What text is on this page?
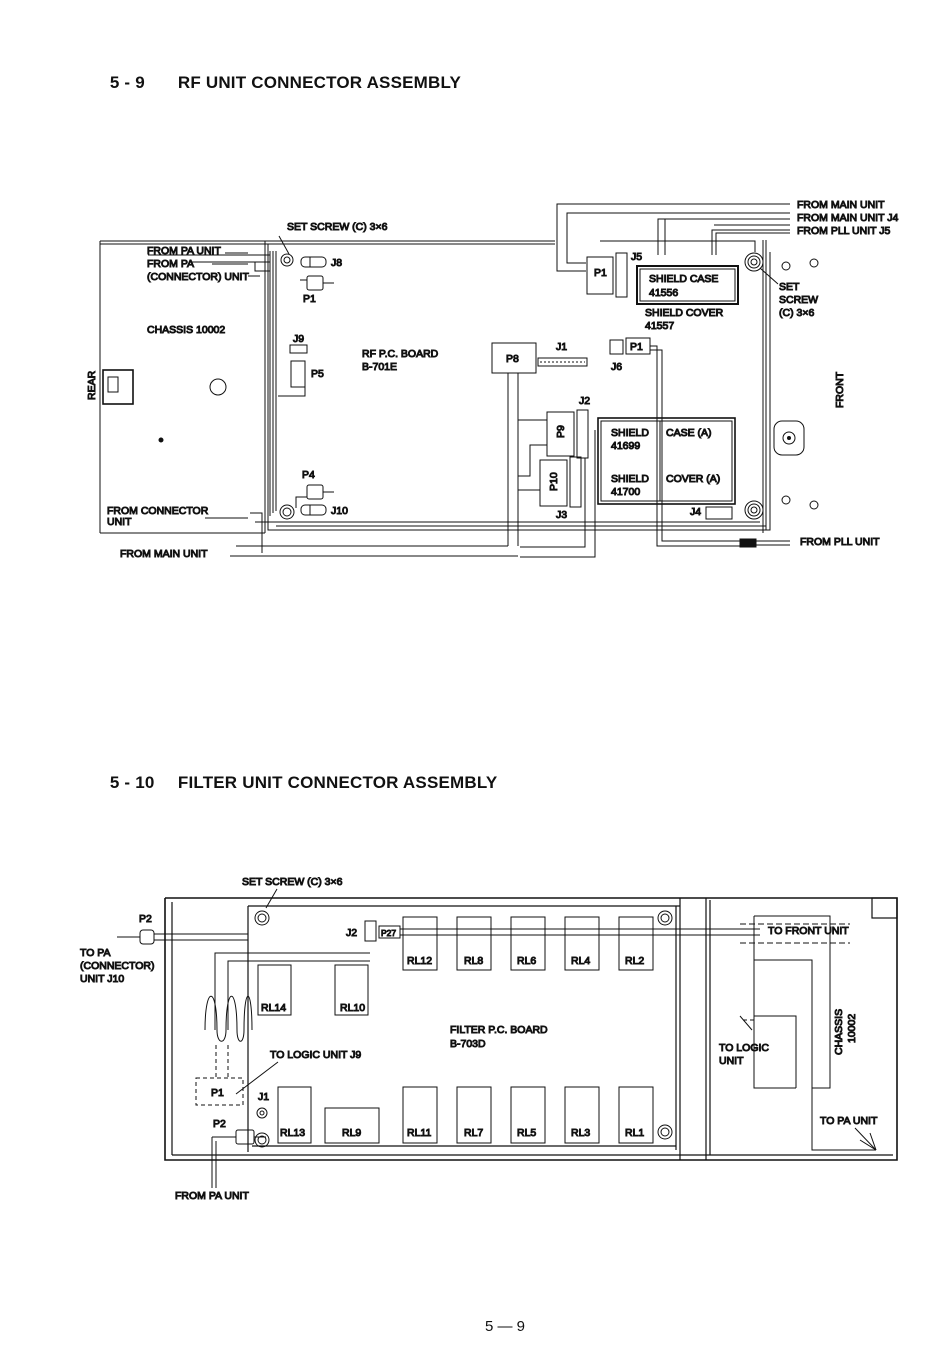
5 - 9 RF UNIT CONNECTOR ASSEMBLY

5 - 10 FILTER UNIT CONNECTOR ASSEMBLY

FROM MAIN UNIT
FROM MAIN UNIT J4
FROM PLL UNIT J5
SET SCREW (C) 3×6
FROM PA UNIT
FROM PA
(CONNECTOR) UNIT
J8
P1
CHASSIS 10002
J9
P5
REAR	FRONT
RF P.C. BOARD
B-701E
P8
J1
J2
P9
P10
J3
P4
J10
FROM CONNECTOR
UNIT
FROM MAIN UNIT
P1
J5
SHIELD CASE
41556
SHIELD COVER
41557
SET
SCREW
(C) 3×6
P1
J6
SHIELD CASE (A)
41699
SHIELD COVER (A)
41700
J4
FROM PLL UNIT
SET SCREW (C) 3×6
P2
TO PA
(CONNECTOR)
UNIT J10
J2	P27	TO FRONT UNIT
RL12	RL8	RL6	RL4	RL2
RL14	RL10
FILTER P.C. BOARD
B-703D
TO LOGIC UNIT J9
TO LOGIC
UNIT
CHASSIS 10002
P1	J1
P2
RL13	RL9	RL11	RL7	RL5	RL3	RL1
TO PA UNIT
FROM PA UNIT
5 — 9
